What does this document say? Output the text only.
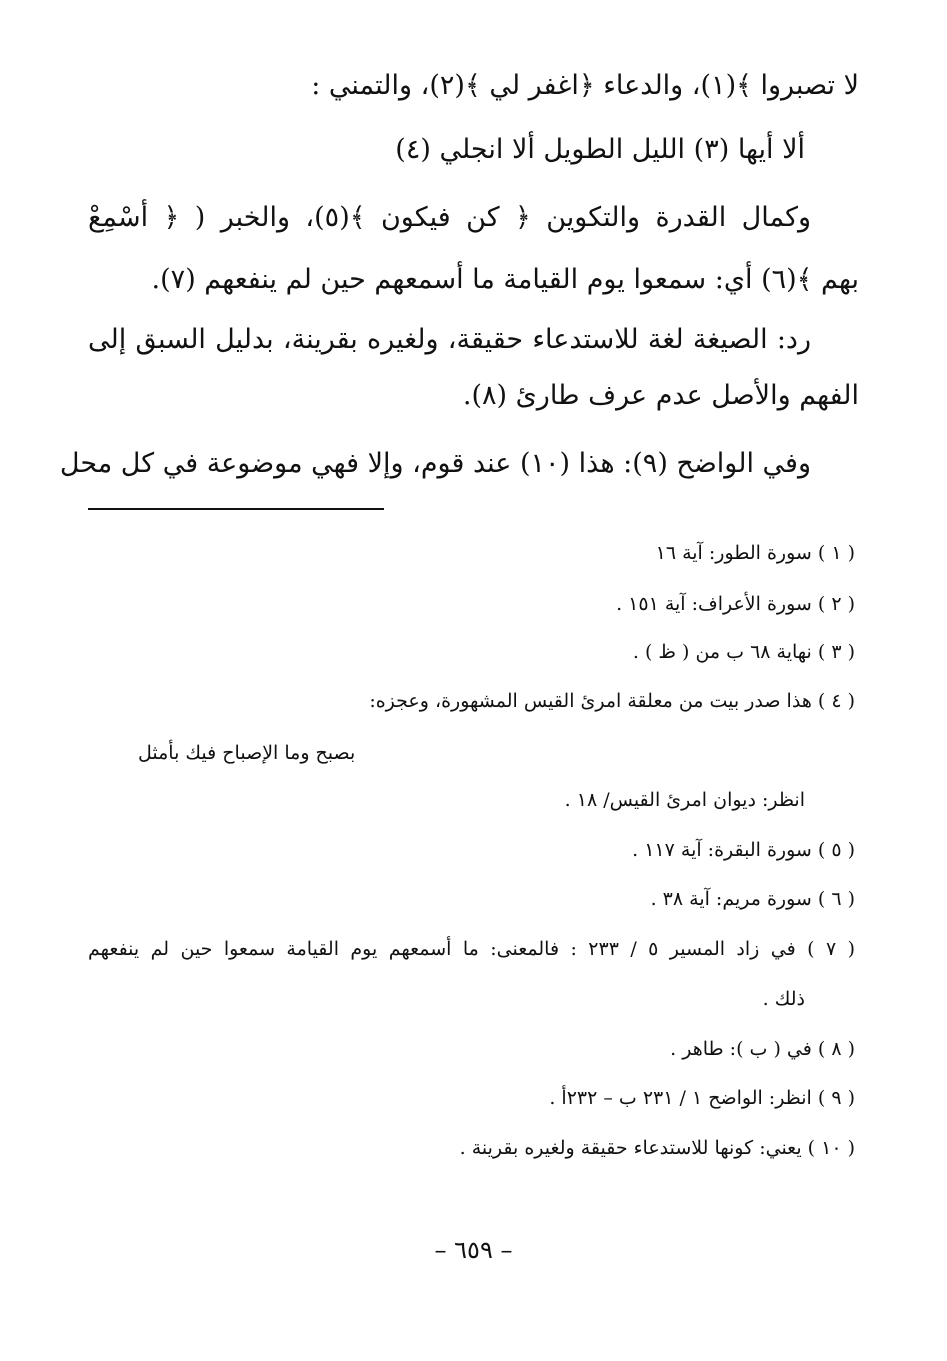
لا تصبروا ﴾(١)، والدعاء ﴿اغفر لي ﴾(٢)، والتمني :
ألا أيها (٣) الليل الطويل ألا انجلي (٤)
وكمال القدرة والتكوين ﴿ كن فيكون ﴾(٥)، والخبر ( ﴿ أسْمِعْ
بهم ﴾(٦) أي: سمعوا يوم القيامة ما أسمعهم حين لم ينفعهم (٧).
رد: الصيغة لغة للاستدعاء حقيقة، ولغيره بقرينة، بدليل السبق إلى
الفهم والأصل عدم عرف طارئ (٨).
وفي الواضح (٩): هذا (١٠) عند قوم، وإلا فهي موضوعة في كل محل
( ١ ) سورة الطور: آية ١٦
( ٢ ) سورة الأعراف: آية ١٥١ .
( ٣ ) نهاية ٦٨ ب من ( ظ ) .
( ٤ ) هذا صدر بيت من معلقة امرئ القيس المشهورة، وعجزه:
بصبح وما الإصباح فيك بأمثل
انظر: ديوان امرئ القيس/ ١٨ .
( ٥ ) سورة البقرة: آية ١١٧ .
( ٦ ) سورة مريم: آية ٣٨ .
( ٧ ) في زاد المسير ٥ / ٢٣٣ : فالمعنى: ما أسمعهم يوم القيامة سمعوا حين لم ينفعهم
ذلك .
( ٨ ) في ( ب ): طاهر .
( ٩ ) انظر: الواضح ١ / ٢٣١ ب – ٢٣٢أ .
( ١٠ ) يعني: كونها للاستدعاء حقيقة ولغيره بقرينة .
– ٦٥٩ –
